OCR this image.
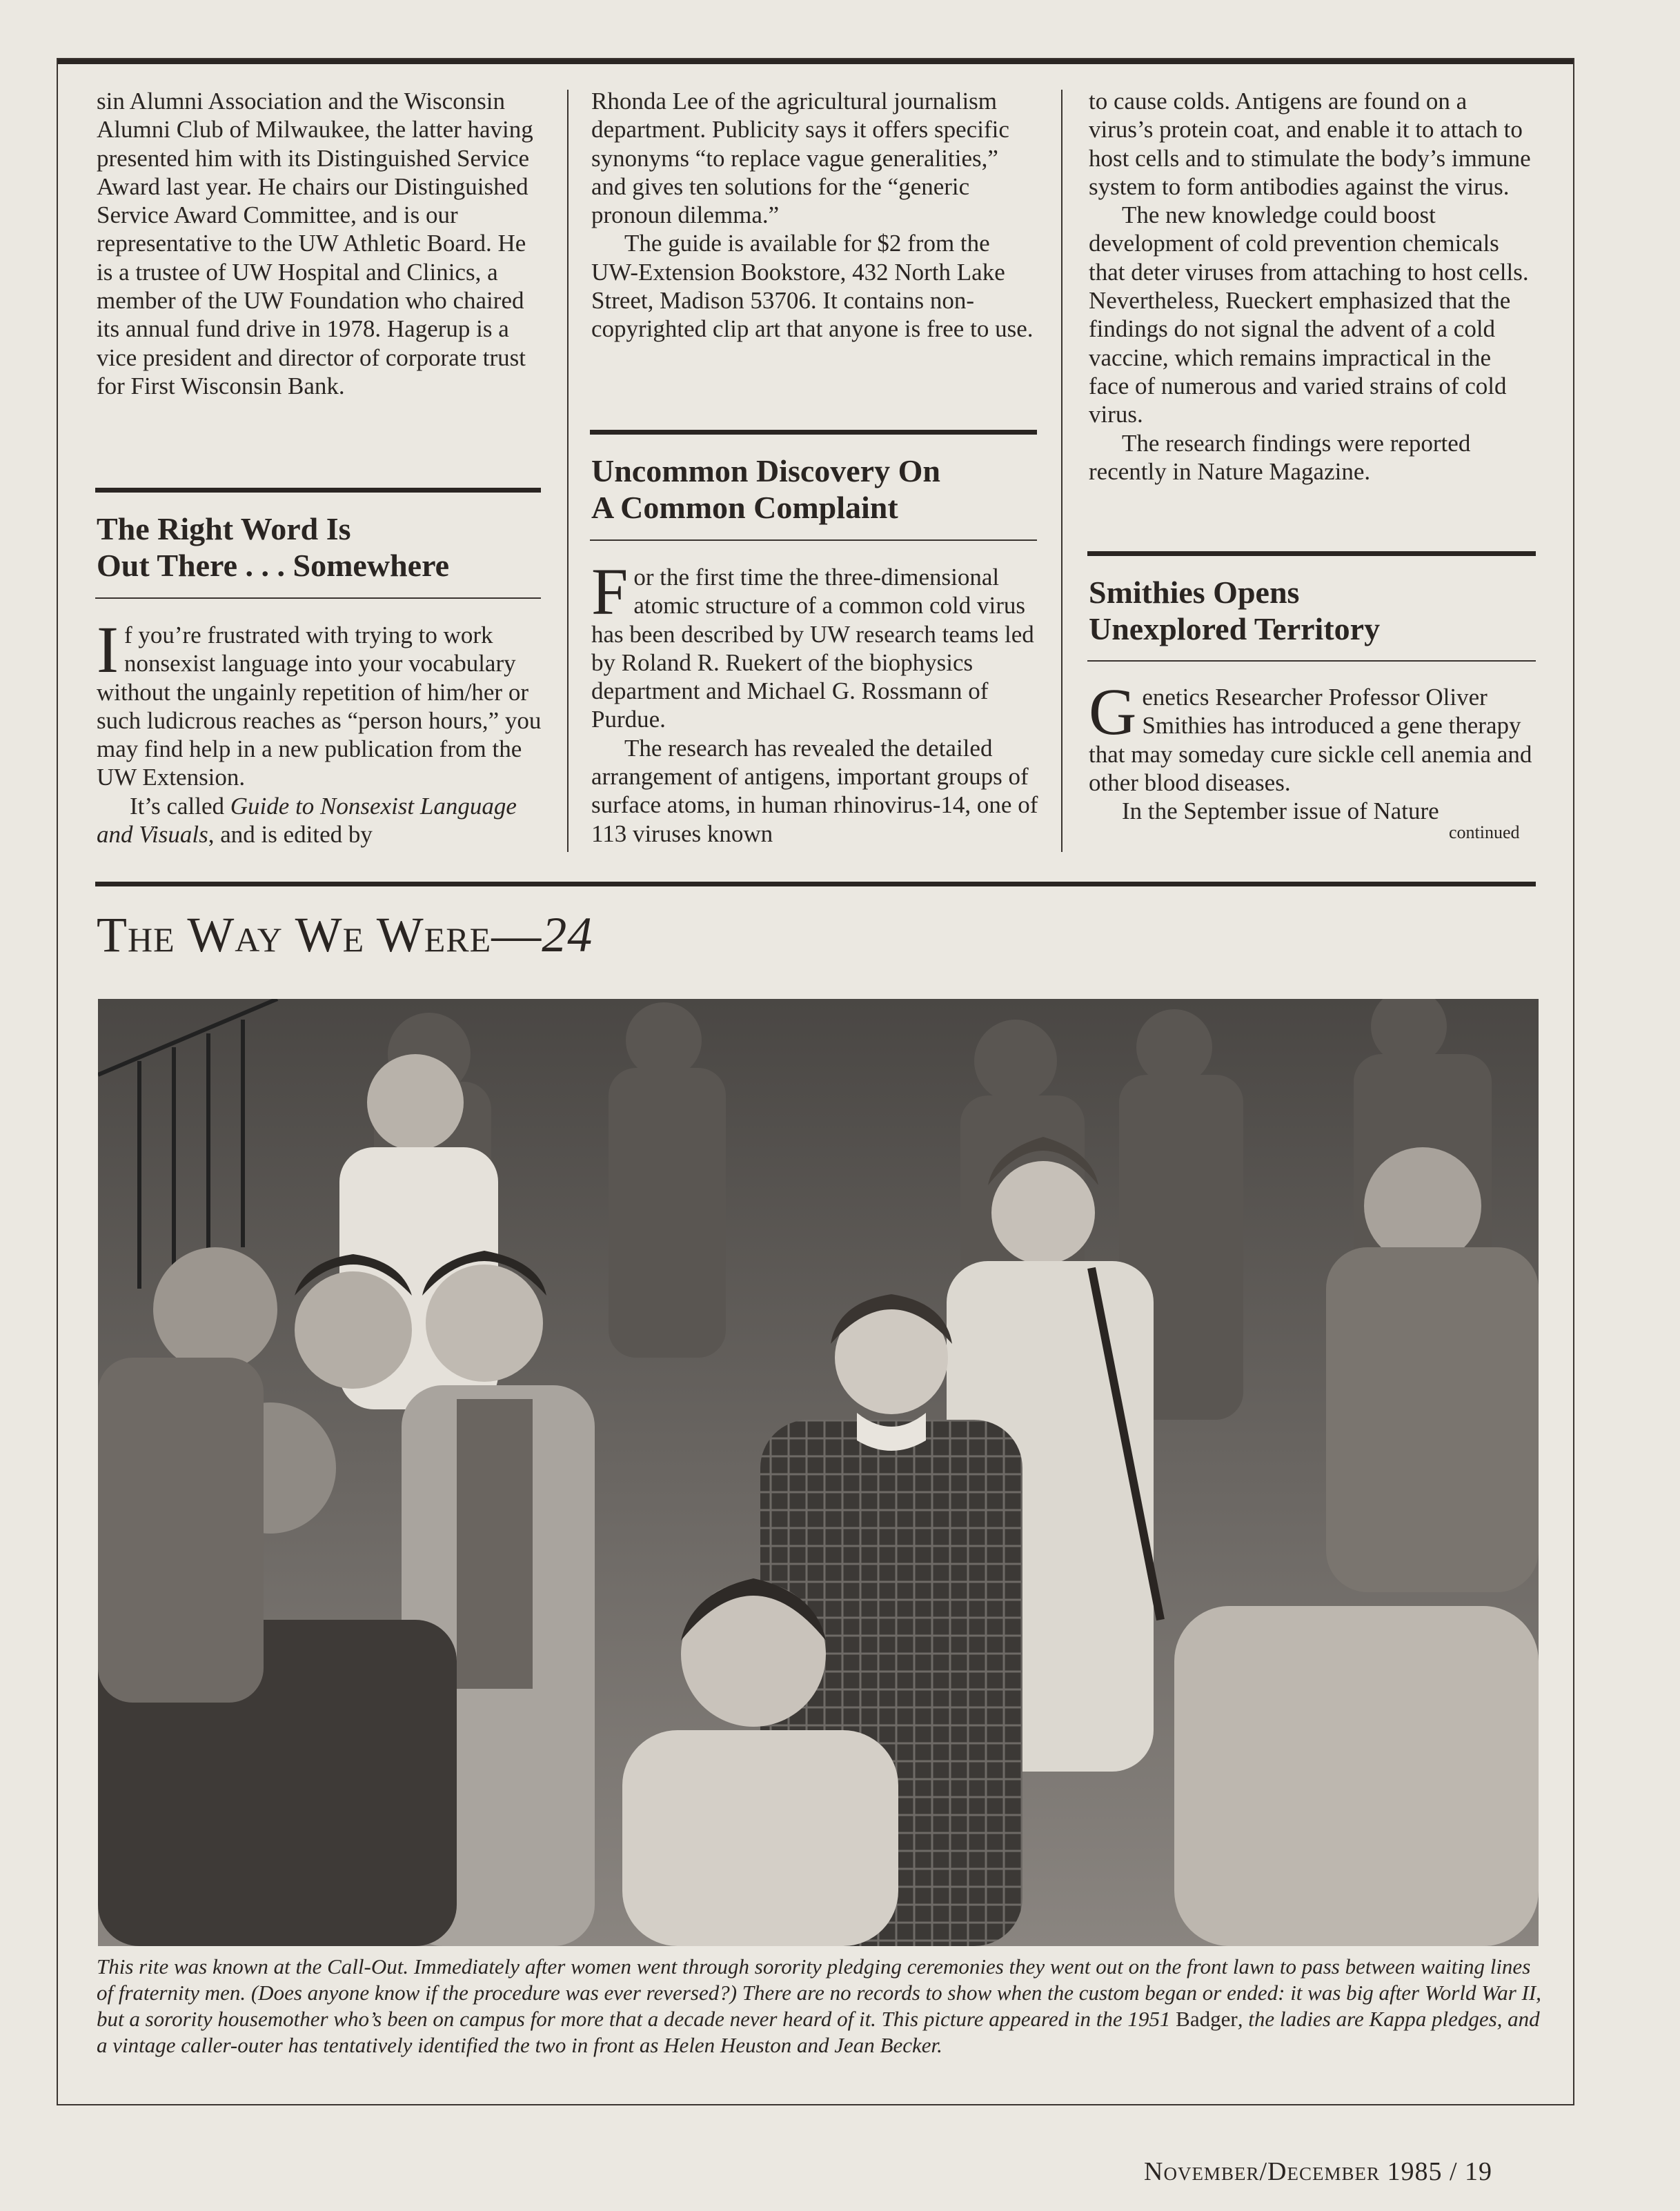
sin Alumni Association and the Wisconsin Alumni Club of Milwaukee, the latter having presented him with its Distinguished Service Award last year. He chairs our Distinguished Service Award Committee, and is our representative to the UW Athletic Board. He is a trustee of UW Hospital and Clinics, a member of the UW Foundation who chaired its annual fund drive in 1978. Hagerup is a vice president and director of corporate trust for First Wisconsin Bank.

The Right Word Is
Out There . . . Somewhere

If you’re frustrated with trying to work nonsexist language into your vocabulary without the ungainly repetition of him/her or such ludicrous reaches as “person hours,” you may find help in a new publication from the UW Extension.

It’s called Guide to Nonsexist Language and Visuals, and is edited by

Rhonda Lee of the agricultural journalism department. Publicity says it offers specific synonyms “to replace vague generalities,” and gives ten solutions for the “generic pronoun dilemma.”

The guide is available for $2 from the UW-Extension Bookstore, 432 North Lake Street, Madison 53706. It contains non-copyrighted clip art that anyone is free to use.

Uncommon Discovery On
A Common Complaint

For the first time the three-dimensional atomic structure of a common cold virus has been described by UW research teams led by Roland R. Ruekert of the biophysics department and Michael G. Rossmann of Purdue.

The research has revealed the detailed arrangement of antigens, important groups of surface atoms, in human rhinovirus-14, one of 113 viruses known

to cause colds. Antigens are found on a virus’s protein coat, and enable it to attach to host cells and to stimulate the body’s immune system to form antibodies against the virus.

The new knowledge could boost development of cold prevention chemicals that deter viruses from attaching to host cells. Nevertheless, Rueckert emphasized that the findings do not signal the advent of a cold vaccine, which remains impractical in the face of numerous and varied strains of cold virus.

The research findings were reported recently in Nature Magazine.

Smithies Opens
Unexplored Territory

Genetics Researcher Professor Oliver Smithies has introduced a gene therapy that may someday cure sickle cell anemia and other blood diseases.

In the September issue of Nature

continued
The Way We Were—24
This rite was known at the Call-Out. Immediately after women went through sorority pledging ceremonies they went out on the front lawn to pass between waiting lines of fraternity men. (Does anyone know if the procedure was ever reversed?) There are no records to show when the custom began or ended: it was big after World War II, but a sorority housemother who’s been on campus for more that a decade never heard of it. This picture appeared in the 1951 Badger, the ladies are Kappa pledges, and a vintage caller-outer has tentatively identified the two in front as Helen Heuston and Jean Becker.
November/December 1985 / 19
